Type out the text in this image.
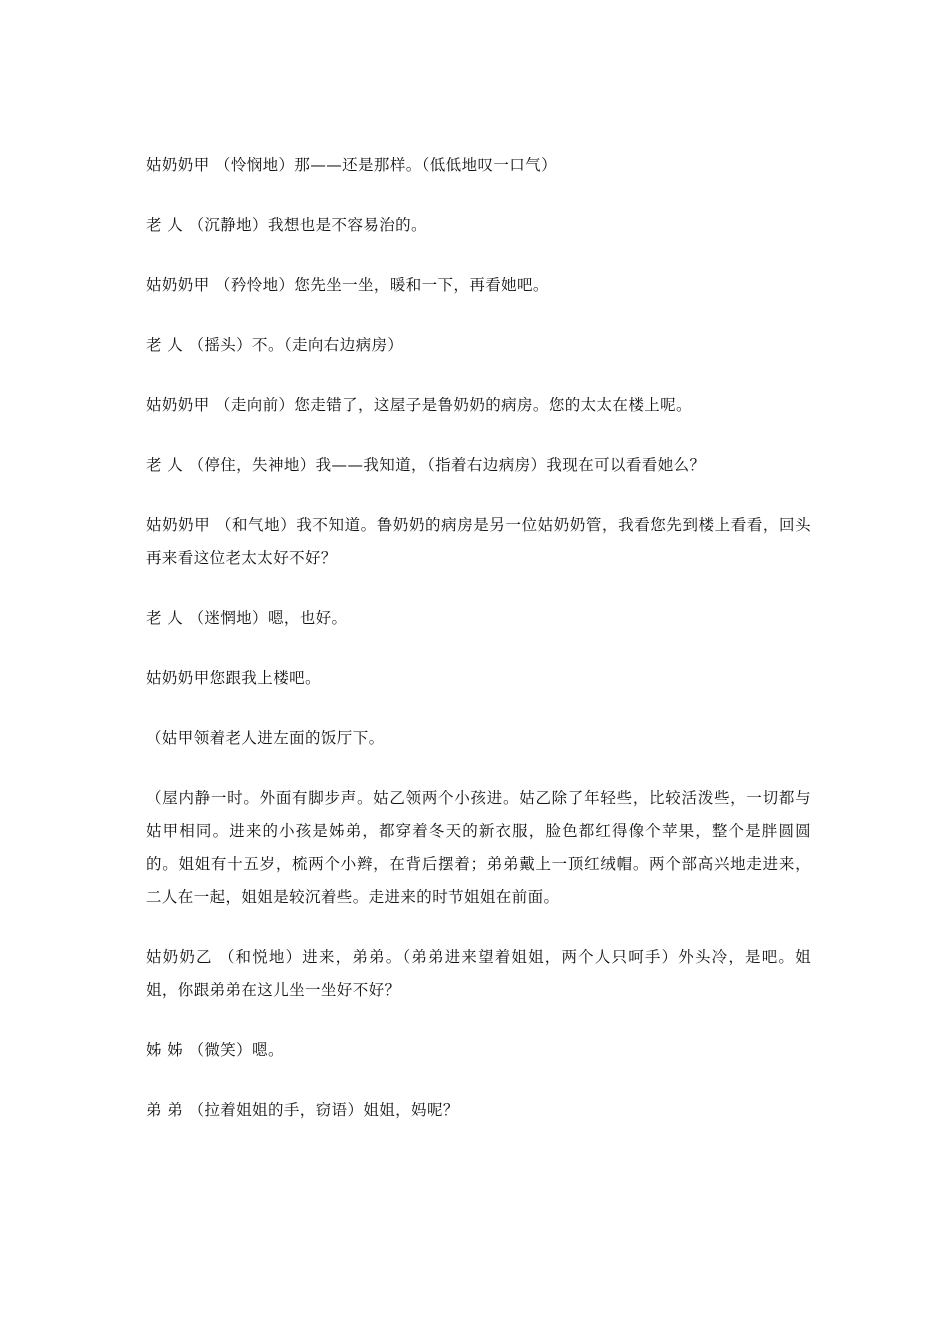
姑奶奶甲 （怜悯地）那——还是那样。（低低地叹一口气）

老 人 （沉静地）我想也是不容易治的。

姑奶奶甲 （矜怜地）您先坐一坐，暖和一下，再看她吧。

老 人 （摇头）不。（走向右边病房）

姑奶奶甲 （走向前）您走错了，这屋子是鲁奶奶的病房。您的太太在楼上呢。

老 人 （停住，失神地）我——我知道，（指着右边病房）我现在可以看看她么？

姑奶奶甲 （和气地）我不知道。鲁奶奶的病房是另一位姑奶奶管，我看您先到楼上看看，回头再来看这位老太太好不好？

老 人 （迷惘地）嗯，也好。

姑奶奶甲您跟我上楼吧。

（姑甲领着老人进左面的饭厅下。

（屋内静一时。外面有脚步声。姑乙领两个小孩进。姑乙除了年轻些，比较活泼些，一切都与姑甲相同。进来的小孩是姊弟，都穿着冬天的新衣服，脸色都红得像个苹果，整个是胖圆圆的。姐姐有十五岁，梳两个小辫，在背后摆着；弟弟戴上一顶红绒帽。两个部高兴地走进来，二人在一起，姐姐是较沉着些。走进来的时节姐姐在前面。

姑奶奶乙 （和悦地）进来，弟弟。（弟弟进来望着姐姐，两个人只呵手）外头冷，是吧。姐姐，你跟弟弟在这儿坐一坐好不好？

姊 姊 （微笑）嗯。

弟 弟 （拉着姐姐的手，窃语）姐姐，妈呢？
